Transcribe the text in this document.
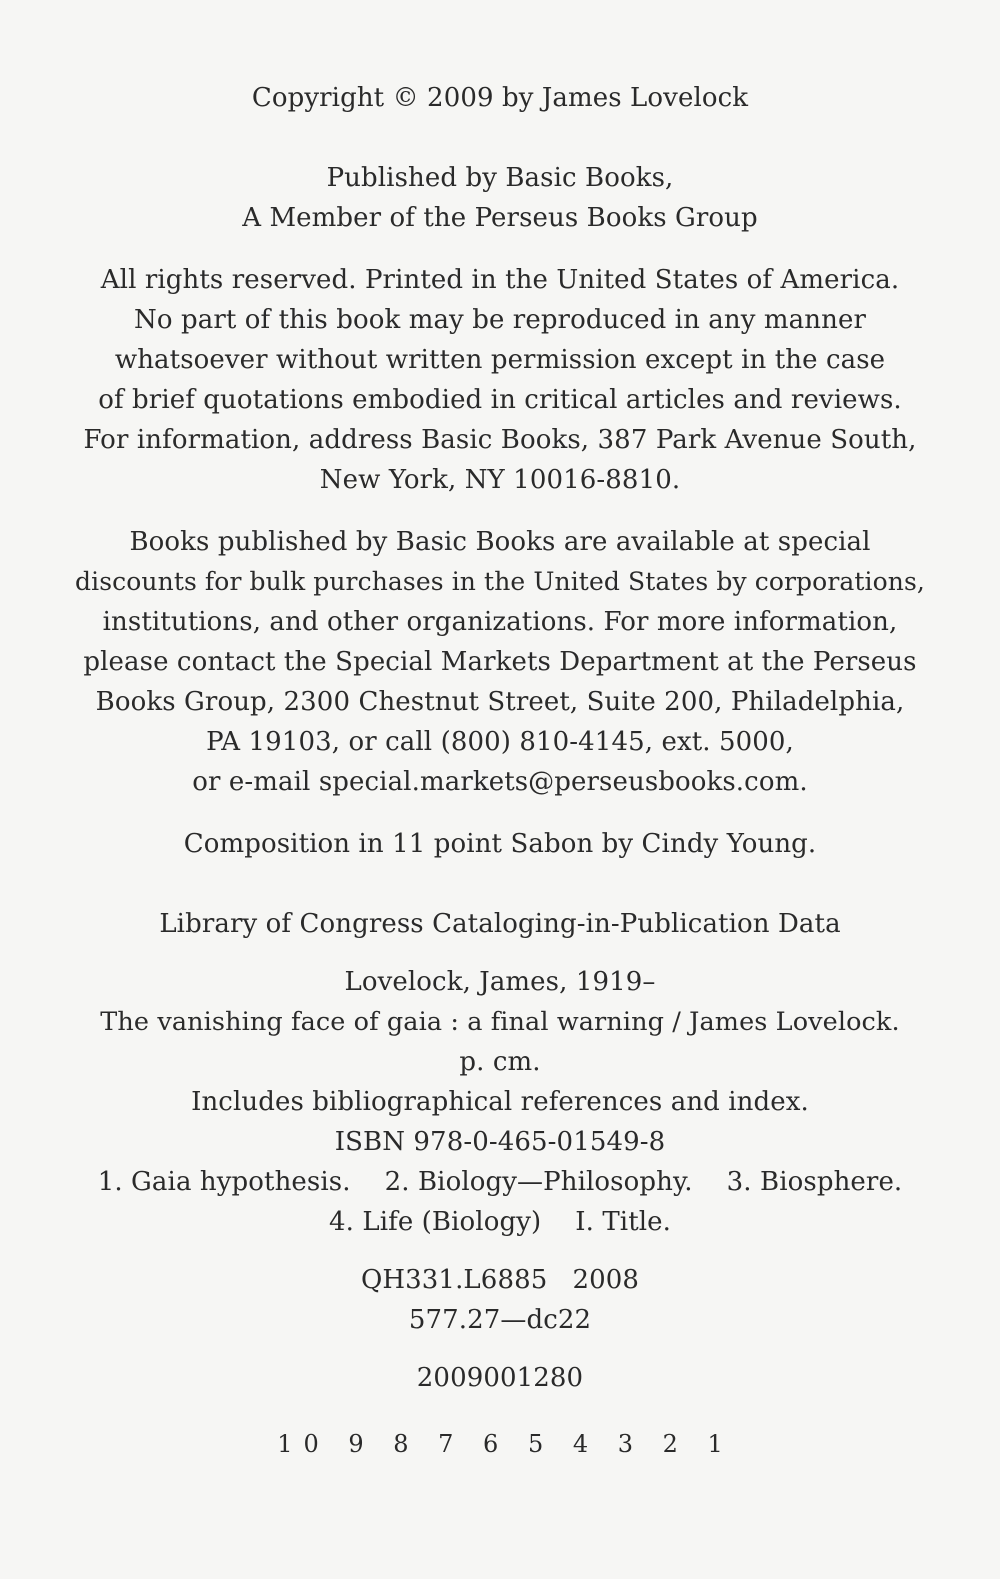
Copyright © 2009 by James Lovelock
Published by Basic Books,
A Member of the Perseus Books Group
All rights reserved. Printed in the United States of America.
No part of this book may be reproduced in any manner
whatsoever without written permission except in the case
of brief quotations embodied in critical articles and reviews.
For information, address Basic Books, 387 Park Avenue South,
New York, NY 10016-8810.
Books published by Basic Books are available at special
discounts for bulk purchases in the United States by corporations,
institutions, and other organizations. For more information,
please contact the Special Markets Department at the Perseus
Books Group, 2300 Chestnut Street, Suite 200, Philadelphia,
PA 19103, or call (800) 810-4145, ext. 5000,
or e-mail special.markets@perseusbooks.com.
Composition in 11 point Sabon by Cindy Young.
Library of Congress Cataloging-in-Publication Data
Lovelock, James, 1919–
The vanishing face of gaia : a final warning / James Lovelock.
p. cm.
Includes bibliographical references and index.
ISBN 978-0-465-01549-8
1. Gaia hypothesis. 2. Biology—Philosophy. 3. Biosphere.
4. Life (Biology) I. Title.
QH331.L6885   2008
577.27—dc22
2009001280
10 9 8 7 6 5 4 3 2 1
